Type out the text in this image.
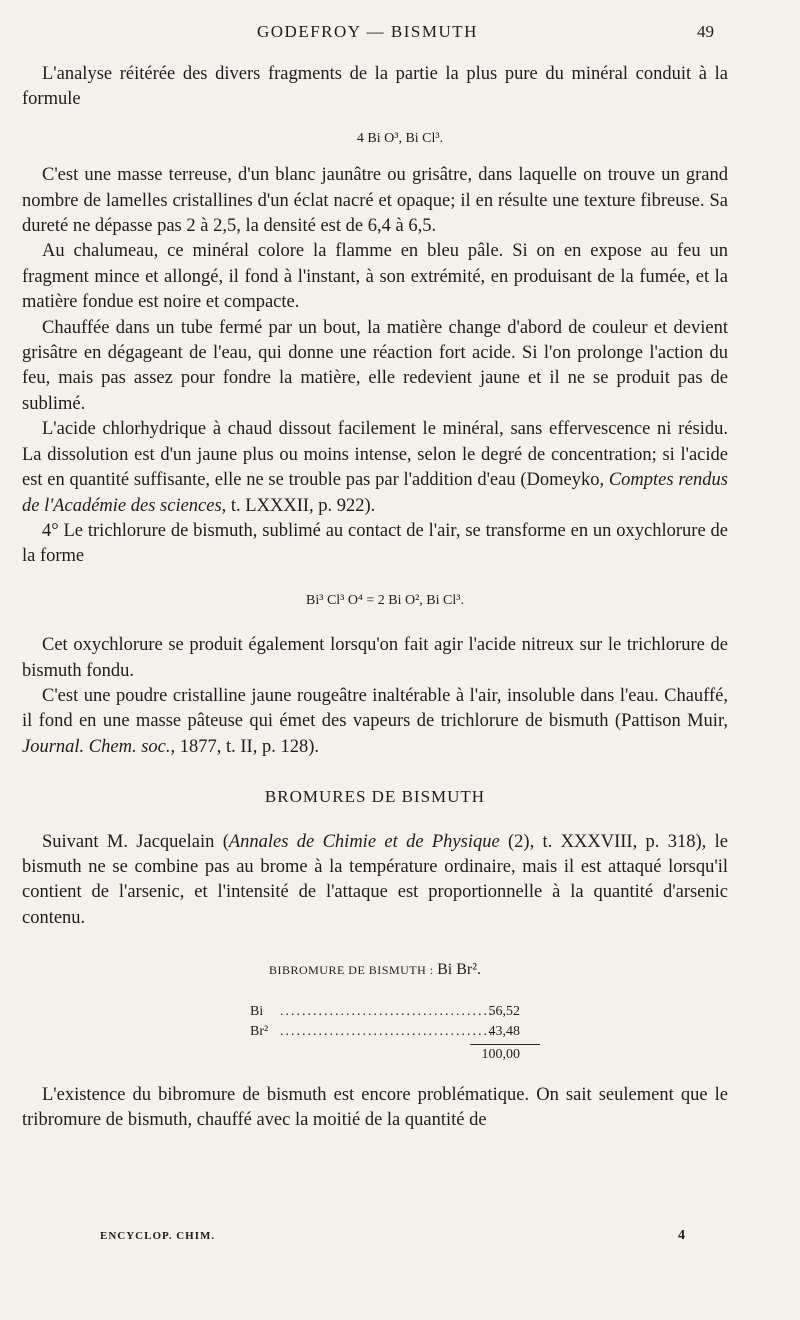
GODEFROY — BISMUTH	49

L'analyse réitérée des divers fragments de la partie la plus pure du minéral conduit à la formule

4 Bi O³, Bi Cl³.

C'est une masse terreuse, d'un blanc jaunâtre ou grisâtre, dans laquelle on trouve un grand nombre de lamelles cristallines d'un éclat nacré et opaque; il en résulte une texture fibreuse. Sa dureté ne dépasse pas 2 à 2,5, la densité est de 6,4 à 6,5.

Au chalumeau, ce minéral colore la flamme en bleu pâle. Si on en expose au feu un fragment mince et allongé, il fond à l'instant, à son extrémité, en produisant de la fumée, et la matière fondue est noire et compacte.

Chauffée dans un tube fermé par un bout, la matière change d'abord de couleur et devient grisâtre en dégageant de l'eau, qui donne une réaction fort acide. Si l'on prolonge l'action du feu, mais pas assez pour fondre la matière, elle redevient jaune et il ne se produit pas de sublimé.

L'acide chlorhydrique à chaud dissout facilement le minéral, sans effervescence ni résidu. La dissolution est d'un jaune plus ou moins intense, selon le degré de concentration; si l'acide est en quantité suffisante, elle ne se trouble pas par l'addition d'eau (Domeyko, Comptes rendus de l'Académie des sciences, t. LXXXII, p. 922).

4° Le trichlorure de bismuth, sublimé au contact de l'air, se transforme en un oxychlorure de la forme

Bi³ Cl³ O⁴ = 2 Bi O², Bi Cl³.

Cet oxychlorure se produit également lorsqu'on fait agir l'acide nitreux sur le trichlorure de bismuth fondu.

C'est une poudre cristalline jaune rougeâtre inaltérable à l'air, insoluble dans l'eau. Chauffé, il fond en une masse pâteuse qui émet des vapeurs de trichlorure de bismuth (Pattison Muir, Journal. Chem. soc., 1877, t. II, p. 128).

BROMURES DE BISMUTH

Suivant M. Jacquelain (Annales de Chimie et de Physique (2), t. XXXVIII, p. 318), le bismuth ne se combine pas au brome à la température ordinaire, mais il est attaqué lorsqu'il contient de l'arsenic, et l'intensité de l'attaque est proportionnelle à la quantité d'arsenic contenu.

BIBROMURE DE BISMUTH : Bi Br².
Bi .......................................
56,52
Br² .......................................
43,48
100,00

L'existence du bibromure de bismuth est encore problématique. On sait seulement que le tribromure de bismuth, chauffé avec la moitié de la quantité de

ENCYCLOP. CHIM.	4
